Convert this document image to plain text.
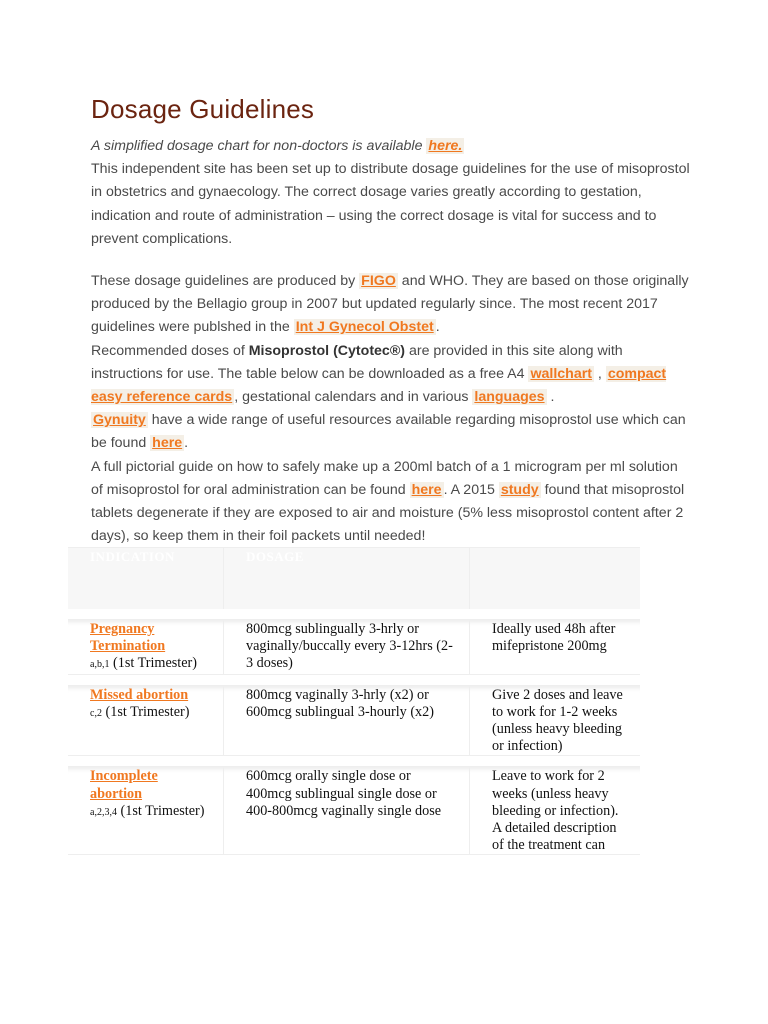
Dosage Guidelines

A simplified dosage chart for non-doctors is available here.

This independent site has been set up to distribute dosage guidelines for the use of misoprostol in obstetrics and gynaecology. The correct dosage varies greatly according to gestation, indication and route of administration – using the correct dosage is vital for success and to prevent complications.

These dosage guidelines are produced by FIGO and WHO. They are based on those originally produced by the Bellagio group in 2007 but updated regularly since. The most recent 2017 guidelines were publshed in the Int J Gynecol Obstet .

Recommended doses of Misoprostol (Cytotec®) are provided in this site along with instructions for use. The table below can be downloaded as a free A4 wallchart , compact easy reference cards , gestational calendars and in various languages .

Gynuity have a wide range of useful resources available regarding misoprostol use which can be found here .

A full pictorial guide on how to safely make up a 200ml batch of a 1 microgram per ml solution of misoprostol for oral administration can be found here . A 2015 study found that misoprostol tablets degenerate if they are exposed to air and moisture (5% less misoprostol content after 2 days), so keep them in their foil packets until needed!

INDICATION	DOSAGE	

Pregnancy Termination
a,b,1 (1st Trimester)	800mcg sublingually 3-hrly or vaginally/buccally every 3-12hrs (2-3 doses)	Ideally used 48h after mifepristone 200mg

Missed abortion
c,2 (1st Trimester)	800mcg vaginally 3-hrly (x2) or 600mcg sublingual 3-hourly (x2)	Give 2 doses and leave to work for 1-2 weeks (unless heavy bleeding or infection)

Incomplete abortion
a,2,3,4 (1st Trimester)	600mcg orally single dose or 400mcg sublingual single dose or 400-800mcg vaginally single dose	Leave to work for 2 weeks (unless heavy bleeding or infection). A detailed description of the treatment can
